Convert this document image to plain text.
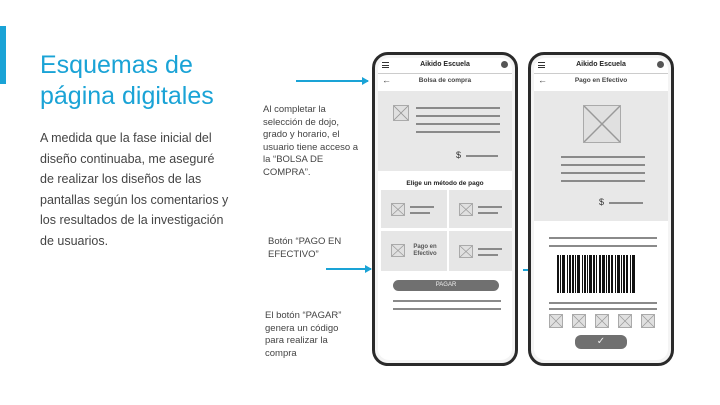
Esquemas de página digitales

A medida que la fase inicial del diseño continuaba, me aseguré de realizar los diseños de las pantallas según los comentarios y los resultados de la investigación de usuarios.

Al completar la selección de dojo, grado y horario, el usuario tiene acceso a la “BOLSA DE COMPRA”.

Botón “PAGO EN EFECTIVO”

El botón “PAGAR” genera un código para realizar la compra

Aikido Escuela
←	Bolsa de compra
$
Elige un método de pago
Pago en Efectivo
PAGAR
Aikido Escuela
←	Pago en Efectivo
$
✓
